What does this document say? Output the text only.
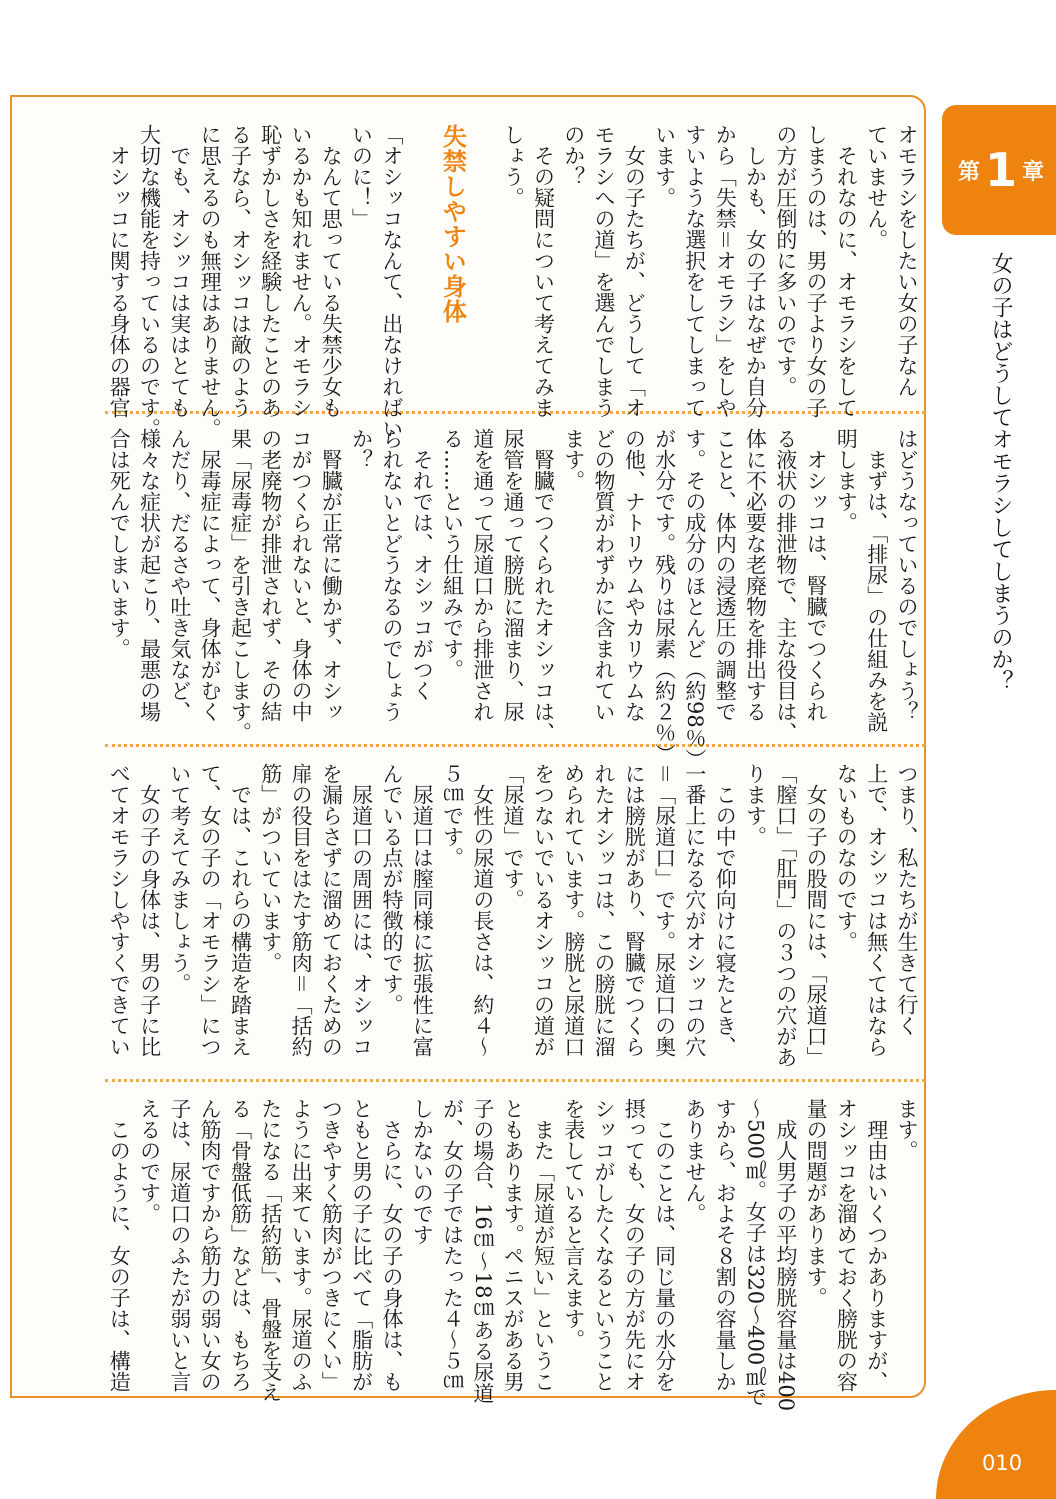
オモラシをしたい女の子なん
ていません。
　それなのに、オモラシをして
しまうのは、男の子より女の子
の方が圧倒的に多いのです。
　しかも、女の子はなぜか自分
から「失禁＝オモラシ」をしや
すいような選択をしてしまって
います。
　女の子たちが、どうして「オ
モラシへの道」を選んでしまう
のか？
　その疑問について考えてみま
しょう。
失禁しやすい身体
「オシッコなんて、出なければい
いのに！」
　なんて思っている失禁少女も
いるかも知れません。オモラシ
恥ずかしさを経験したことのあ
る子なら、オシッコは敵のよう
に思えるのも無理はありません。
　でも、オシッコは実はとても
大切な機能を持っているのです。
　オシッコに関する身体の器官
はどうなっているのでしょう？
　まずは、「排尿」の仕組みを説
明します。
　オシッコは、腎臓でつくられ
る液状の排泄物で、主な役目は、
体に不必要な老廃物を排出する
ことと、体内の浸透圧の調整で
す。その成分のほとんど（約98％）
が水分です。残りは尿素（約２％）
の他、ナトリウムやカリウムな
どの物質がわずかに含まれてい
ます。
　腎臓でつくられたオシッコは、
尿管を通って膀胱に溜まり、尿
道を通って尿道口から排泄され
る……という仕組みです。
　それでは、オシッコがつく
られないとどうなるのでしょう
か？
　腎臓が正常に働かず、オシッ
コがつくられないと、身体の中
の老廃物が排泄されず、その結
果「尿毒症」を引き起こします。
　尿毒症によって、身体がむく
んだり、だるさや吐き気など、
様々な症状が起こり、最悪の場
合は死んでしまいます。
つまり、私たちが生きて行く
上で、オシッコは無くてはなら
ないものなのです。
　女の子の股間には、「尿道口」
「膣口」「肛門」の３つの穴があ
ります。
　この中で仰向けに寝たとき、
一番上になる穴がオシッコの穴
＝「尿道口」です。尿道口の奥
には膀胱があり、腎臓でつくら
れたオシッコは、この膀胱に溜
められています。膀胱と尿道口
をつないでいるオシッコの道が
「尿道」です。
　女性の尿道の長さは、約４〜
５㎝です。
　尿道口は膣同様に拡張性に富
んでいる点が特徴的です。
　尿道口の周囲には、オシッコ
を漏らさずに溜めておくための
扉の役目をはたす筋肉＝「括約
筋」がついています。
　では、これらの構造を踏まえ
て、女の子の「オモラシ」につ
いて考えてみましょう。
　女の子の身体は、男の子に比
べてオモラシしやすくできてい
ます。
　理由はいくつかありますが、
オシッコを溜めておく膀胱の容
量の問題があります。
　成人男子の平均膀胱容量は400
〜500㎖。女子は320〜400㎖で
すから、およそ８割の容量しか
ありません。
　このことは、同じ量の水分を
摂っても、女の子の方が先にオ
シッコがしたくなるということ
を表していると言えます。
　また「尿道が短い」というこ
ともあります。ペニスがある男
子の場合、16㎝〜18㎝ある尿道
が、女の子ではたった４〜５㎝
しかないのです
　さらに、女の子の身体は、も
ともと男の子に比べて「脂肪が
つきやすく筋肉がつきにくい」
ように出来ています。尿道のふ
たになる「括約筋」、骨盤を支え
る「骨盤低筋」などは、もちろ
ん筋肉ですから筋力の弱い女の
子は、尿道口のふたが弱いと言
えるのです。
　このように、女の子は、構造
第 1 章
女の子はどうしてオモラシしてしまうのか？
010
